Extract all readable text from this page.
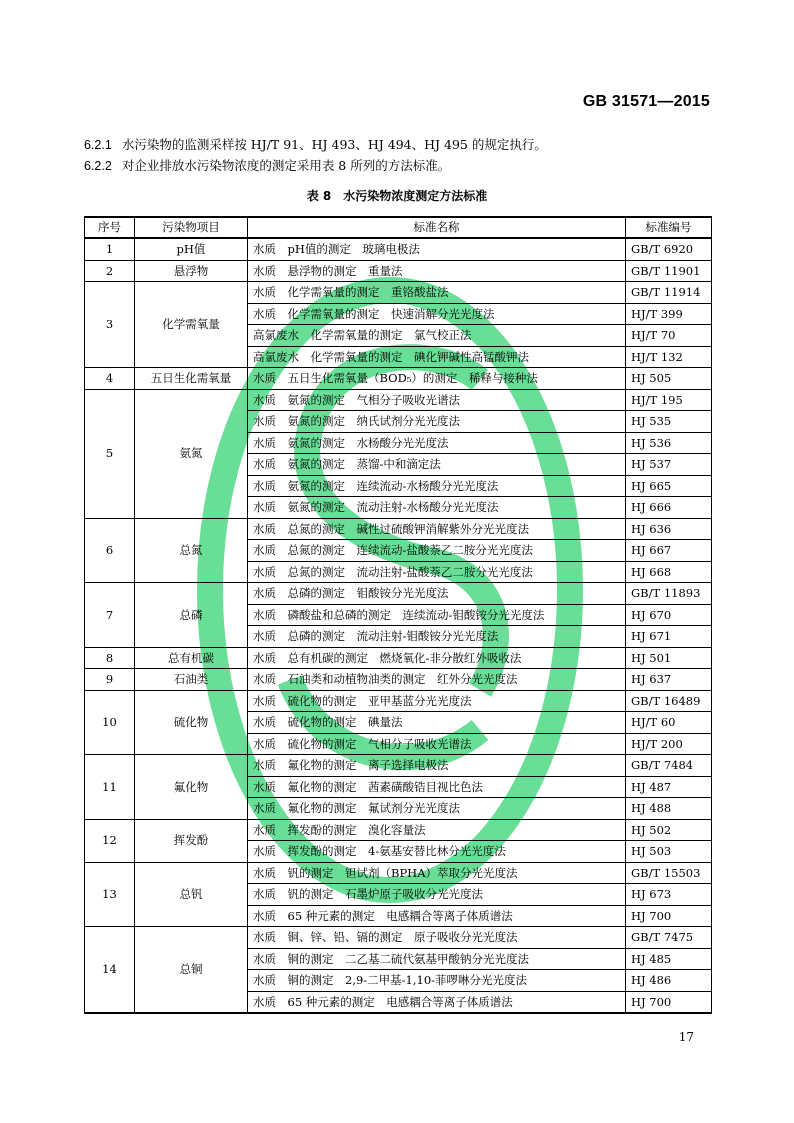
GB 31571—2015
6.2.1 水污染物的监测采样按 HJ/T 91、HJ 493、HJ 494、HJ 495 的规定执行。
6.2.2 对企业排放水污染物浓度的测定采用表 8 所列的方法标准。
表 8 水污染物浓度测定方法标准
序号	污染物项目	标准名称	标准编号
1	pH值	水质　pH值的测定　玻璃电极法	GB/T 6920
2	悬浮物	水质　悬浮物的测定　重量法	GB/T 11901
3	化学需氧量	水质　化学需氧量的测定　重铬酸盐法	GB/T 11914
		水质　化学需氧量的测定　快速消解分光光度法	HJ/T 399
		高氯废水　化学需氧量的测定　氯气校正法	HJ/T 70
		高氯废水　化学需氧量的测定　碘化钾碱性高锰酸钾法	HJ/T 132
4	五日生化需氧量	水质　五日生化需氧量（BOD₅）的测定　稀释与接种法	HJ 505
5	氨氮	水质　氨氮的测定　气相分子吸收光谱法	HJ/T 195
		水质　氨氮的测定　纳氏试剂分光光度法	HJ 535
		水质　氨氮的测定　水杨酸分光光度法	HJ 536
		水质　氨氮的测定　蒸馏-中和滴定法	HJ 537
		水质　氨氮的测定　连续流动-水杨酸分光光度法	HJ 665
		水质　氨氮的测定　流动注射-水杨酸分光光度法	HJ 666
6	总氮	水质　总氮的测定　碱性过硫酸钾消解紫外分光光度法	HJ 636
		水质　总氮的测定　连续流动-盐酸萘乙二胺分光光度法	HJ 667
		水质　总氮的测定　流动注射-盐酸萘乙二胺分光光度法	HJ 668
7	总磷	水质　总磷的测定　钼酸铵分光光度法	GB/T 11893
		水质　磷酸盐和总磷的测定　连续流动-钼酸铵分光光度法	HJ 670
		水质　总磷的测定　流动注射-钼酸铵分光光度法	HJ 671
8	总有机碳	水质　总有机碳的测定　燃烧氧化-非分散红外吸收法	HJ 501
9	石油类	水质　石油类和动植物油类的测定　红外分光光度法	HJ 637
10	硫化物	水质　硫化物的测定　亚甲基蓝分光光度法	GB/T 16489
		水质　硫化物的测定　碘量法	HJ/T 60
		水质　硫化物的测定　气相分子吸收光谱法	HJ/T 200
11	氟化物	水质　氟化物的测定　离子选择电极法	GB/T 7484
		水质　氟化物的测定　茜素磺酸锆目视比色法	HJ 487
		水质　氟化物的测定　氟试剂分光光度法	HJ 488
12	挥发酚	水质　挥发酚的测定　溴化容量法	HJ 502
		水质　挥发酚的测定　4-氨基安替比林分光光度法	HJ 503
13	总钒	水质　钒的测定　钽试剂（BPHA）萃取分光光度法	GB/T 15503
		水质　钒的测定　石墨炉原子吸收分光光度法	HJ 673
		水质　65 种元素的测定　电感耦合等离子体质谱法	HJ 700
14	总铜	水质　铜、锌、铅、镉的测定　原子吸收分光光度法	GB/T 7475
		水质　铜的测定　二乙基二硫代氨基甲酸钠分光光度法	HJ 485
		水质　铜的测定　2,9-二甲基-1,10-菲啰啉分光光度法	HJ 486
		水质　65 种元素的测定　电感耦合等离子体质谱法	HJ 700
17
